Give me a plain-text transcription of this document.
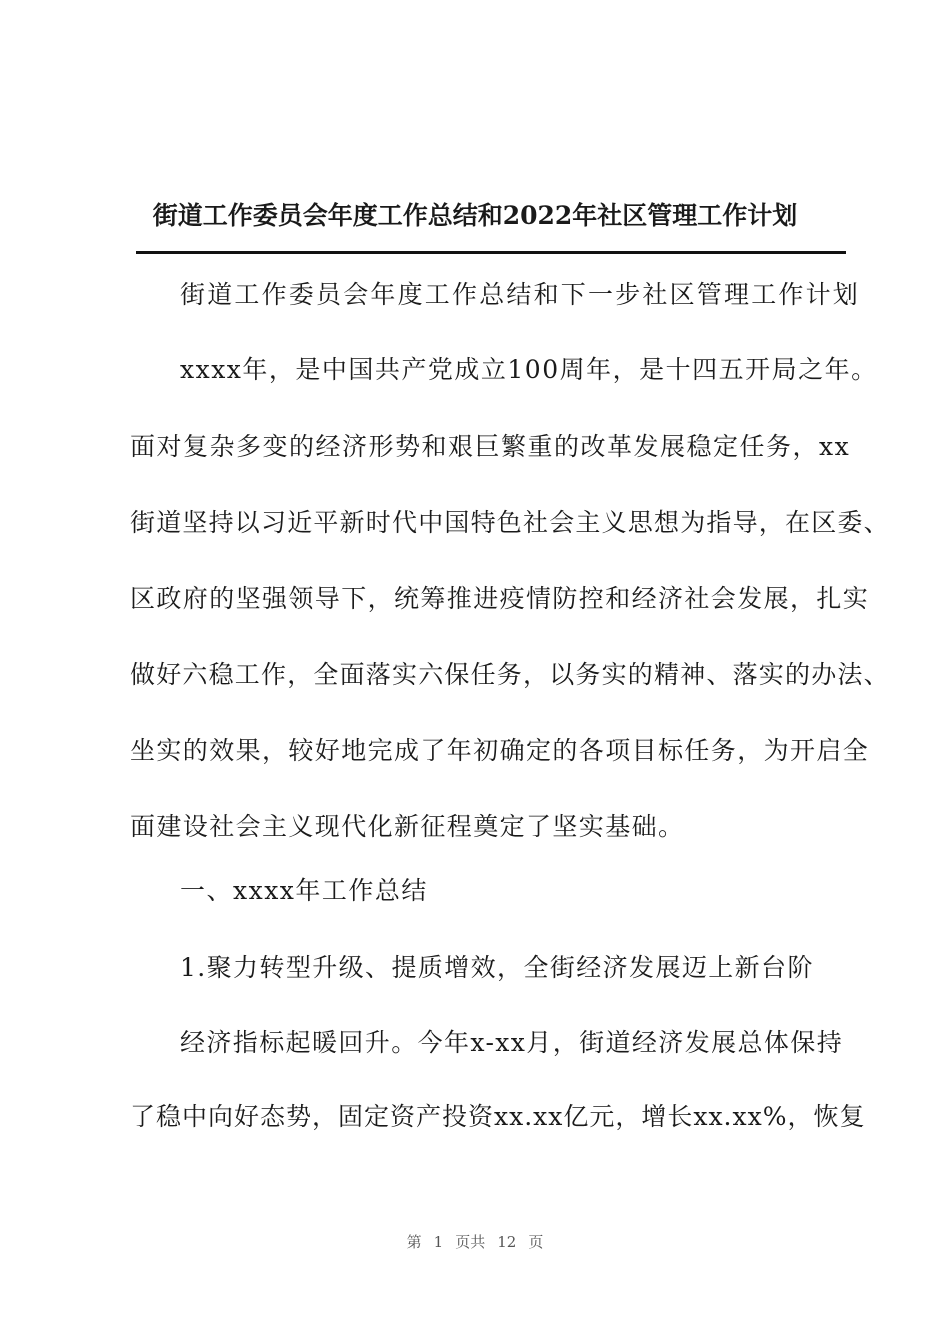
街道工作委员会年度工作总结和2022年社区管理工作计划
街道工作委员会年度工作总结和下一步社区管理工作计划
xxxx年，是中国共产党成立100周年，是十四五开局之年。
面对复杂多变的经济形势和艰巨繁重的改革发展稳定任务，xx
街道坚持以习近平新时代中国特色社会主义思想为指导，在区委、
区政府的坚强领导下，统筹推进疫情防控和经济社会发展，扎实
做好六稳工作，全面落实六保任务，以务实的精神、落实的办法、
坐实的效果，较好地完成了年初确定的各项目标任务，为开启全
面建设社会主义现代化新征程奠定了坚实基础。
一、xxxx年工作总结
1.聚力转型升级、提质增效，全街经济发展迈上新台阶
经济指标起暖回升。今年x-xx月，街道经济发展总体保持
了稳中向好态势，固定资产投资xx.xx亿元，增长xx.xx%，恢复
第 1 页共 12 页
